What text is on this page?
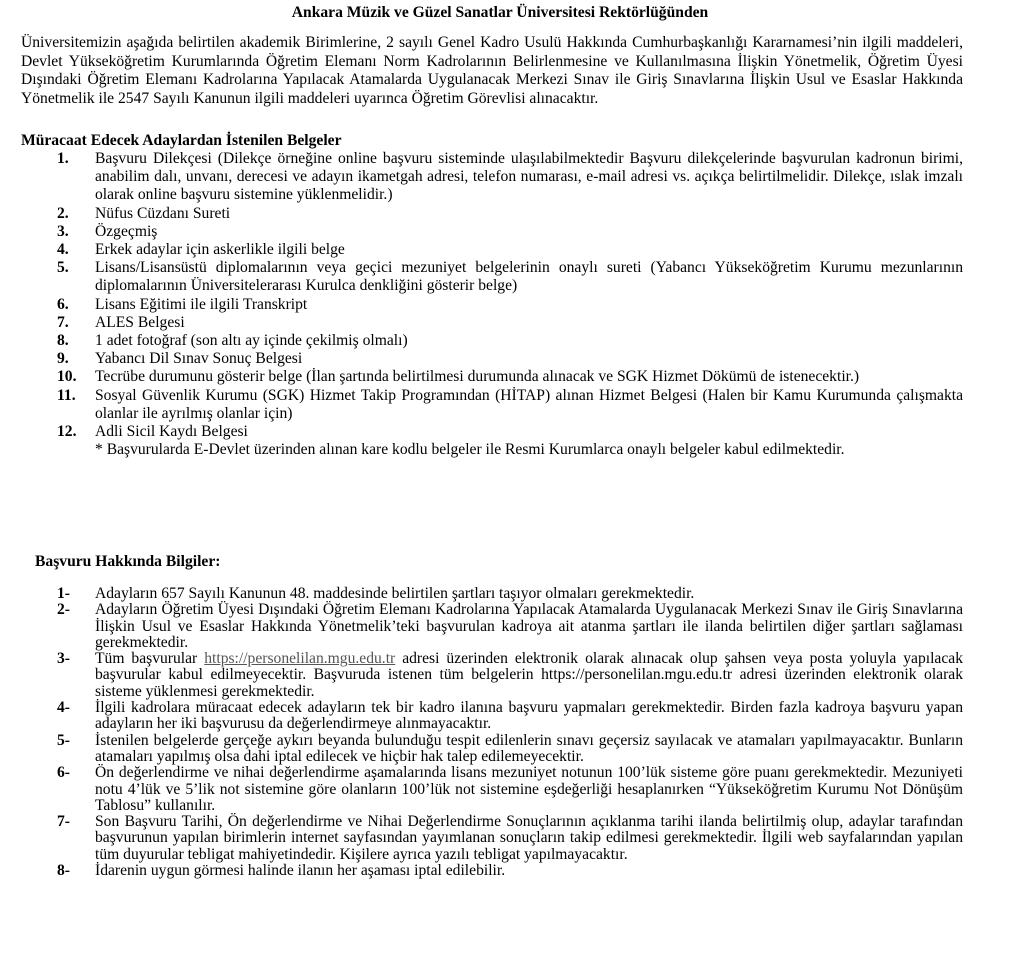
Ankara Müzik ve Güzel Sanatlar Üniversitesi Rektörlüğünden
Üniversitemizin aşağıda belirtilen akademik Birimlerine, 2 sayılı Genel Kadro Usulü Hakkında Cumhurbaşkanlığı Kararnamesi’nin ilgili maddeleri, Devlet Yükseköğretim Kurumlarında Öğretim Elemanı Norm Kadrolarının Belirlenmesine ve Kullanılmasına İlişkin Yönetmelik, Öğretim Üyesi Dışındaki Öğretim Elemanı Kadrolarına Yapılacak Atamalarda Uygulanacak Merkezi Sınav ile Giriş Sınavlarına İlişkin Usul ve Esaslar Hakkında Yönetmelik ile 2547 Sayılı Kanunun ilgili maddeleri uyarınca Öğretim Görevlisi alınacaktır.
Müracaat Edecek Adaylardan İstenilen Belgeler
1.	Başvuru Dilekçesi (Dilekçe örneğine online başvuru sisteminde ulaşılabilmektedir Başvuru dilekçelerinde başvurulan kadronun birimi, anabilim dalı, unvanı, derecesi ve adayın ikametgah adresi, telefon numarası, e-mail adresi vs. açıkça belirtilmelidir. Dilekçe, ıslak imzalı olarak online başvuru sistemine yüklenmelidir.)
2.	Nüfus Cüzdanı Sureti
3.	Özgeçmiş
4.	Erkek adaylar için askerlikle ilgili belge
5.	Lisans/Lisansüstü diplomalarının veya geçici mezuniyet belgelerinin onaylı sureti (Yabancı Yükseköğretim Kurumu mezunlarının diplomalarının Üniversitelerarası Kurulca denkliğini gösterir belge)
6.	Lisans Eğitimi ile ilgili Transkript
7.	ALES Belgesi
8.	1 adet fotoğraf (son altı ay içinde çekilmiş olmalı)
9.	Yabancı Dil Sınav Sonuç Belgesi
10.	Tecrübe durumunu gösterir belge (İlan şartında belirtilmesi durumunda alınacak ve SGK Hizmet Dökümü de istenecektir.)
11.	Sosyal Güvenlik Kurumu (SGK) Hizmet Takip Programından (HİTAP) alınan Hizmet Belgesi (Halen bir Kamu Kurumunda çalışmakta olanlar ile ayrılmış olanlar için)
12.	Adli Sicil Kaydı Belgesi
* Başvurularda E-Devlet üzerinden alınan kare kodlu belgeler ile Resmi Kurumlarca onaylı belgeler kabul edilmektedir.
Başvuru Hakkında Bilgiler:
1- Adayların 657 Sayılı Kanunun 48. maddesinde belirtilen şartları taşıyor olmaları gerekmektedir.
2- Adayların Öğretim Üyesi Dışındaki Öğretim Elemanı Kadrolarına Yapılacak Atamalarda Uygulanacak Merkezi Sınav ile Giriş Sınavlarına İlişkin Usul ve Esaslar Hakkında Yönetmelik’teki başvurulan kadroya ait atanma şartları ile ilanda belirtilen diğer şartları sağlaması gerekmektedir.
3- Tüm başvurular https://personelilan.mgu.edu.tr adresi üzerinden elektronik olarak alınacak olup şahsen veya posta yoluyla yapılacak başvurular kabul edilmeyecektir. Başvuruda istenen tüm belgelerin https://personelilan.mgu.edu.tr adresi üzerinden elektronik olarak sisteme yüklenmesi gerekmektedir.
4- İlgili kadrolara müracaat edecek adayların tek bir kadro ilanına başvuru yapmaları gerekmektedir. Birden fazla kadroya başvuru yapan adayların her iki başvurusu da değerlendirmeye alınmayacaktır.
5- İstenilen belgelerde gerçeğe aykırı beyanda bulunduğu tespit edilenlerin sınavı geçersiz sayılacak ve atamaları yapılmayacaktır. Bunların atamaları yapılmış olsa dahi iptal edilecek ve hiçbir hak talep edilemeyecektir.
6- Ön değerlendirme ve nihai değerlendirme aşamalarında lisans mezuniyet notunun 100’lük sisteme göre puanı gerekmektedir. Mezuniyeti notu 4’lük ve 5’lik not sistemine göre olanların 100’lük not sistemine eşdeğerliği hesaplanırken “Yükseköğretim Kurumu Not Dönüşüm Tablosu” kullanılır.
7- Son Başvuru Tarihi, Ön değerlendirme ve Nihai Değerlendirme Sonuçlarının açıklanma tarihi ilanda belirtilmiş olup, adaylar tarafından başvurunun yapılan birimlerin internet sayfasından yayımlanan sonuçların takip edilmesi gerekmektedir. İlgili web sayfalarından yapılan tüm duyurular tebligat mahiyetindedir. Kişilere ayrıca yazılı tebligat yapılmayacaktır.
8- İdarenin uygun görmesi halinde ilanın her aşaması iptal edilebilir.
